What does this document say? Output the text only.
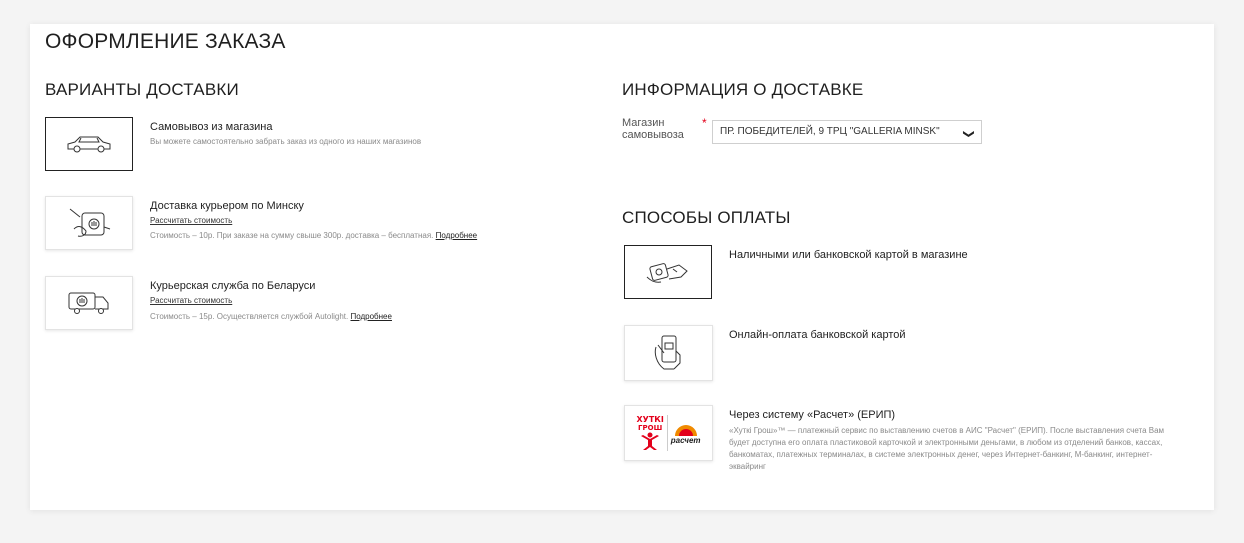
ОФОРМЛЕНИЕ ЗАКАЗА
ВАРИАНТЫ ДОСТАВКИ
Самовывоз из магазина
Вы можете самостоятельно забрать заказ из одного из наших магазинов
Доставка курьером по Минску
Рассчитать стоимость
Стоимость – 10р. При заказе на сумму свыше 300р. доставка – бесплатная. Подробнее
Курьерская служба по Беларуси
Рассчитать стоимость
Стоимость – 15р. Осуществляется службой Autolight. Подробнее
ИНФОРМАЦИЯ О ДОСТАВКЕ
Магазин самовывоза
*
ПР. ПОБЕДИТЕЛЕЙ, 9 ТРЦ "GALLERIA MINSK"	❯
СПОСОБЫ ОПЛАТЫ
Наличными или банковской картой в магазине
Онлайн-оплата банковской картой
ХУТКI
ГРОШ
расчет
Через систему «Расчет» (ЕРИП)
«Хуткi Грош»™ — платежный сервис по выставлению счетов в АИС "Расчет" (ЕРИП). После выставления счета Вам будет доступна его оплата пластиковой карточкой и электронными деньгами, в любом из отделений банков, кассах, банкоматах, платежных терминалах, в системе электронных денег, через Интернет-банкинг, М-банкинг, интернет-эквайринг
